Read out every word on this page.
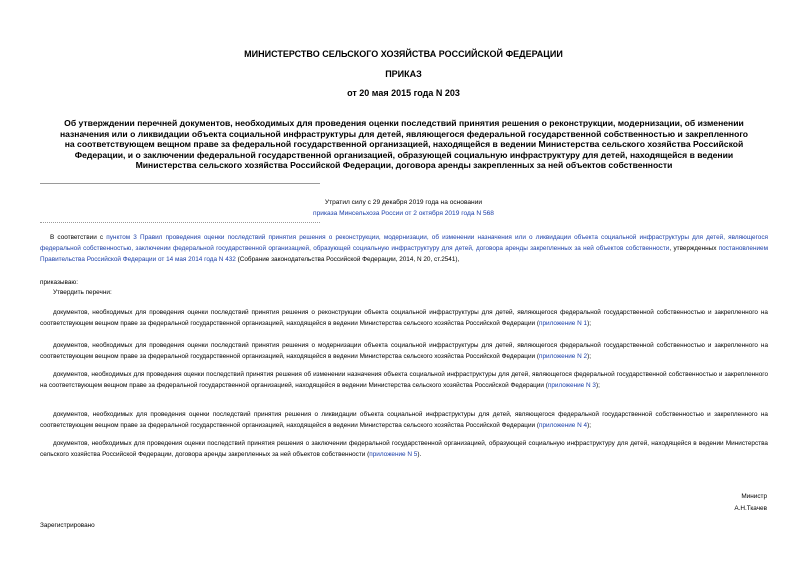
МИНИСТЕРСТВО СЕЛЬСКОГО ХОЗЯЙСТВА РОССИЙСКОЙ ФЕДЕРАЦИИ
ПРИКАЗ
от 20 мая 2015 года N 203
Об утверждении перечней документов, необходимых для проведения оценки последствий принятия решения о реконструкции, модернизации, об изменении назначения или о ликвидации объекта социальной инфраструктуры для детей, являющегося федеральной государственной собственностью и закрепленного на соответствующем вещном праве за федеральной государственной организацией, находящейся в ведении Министерства сельского хозяйства Российской Федерации, и о заключении федеральной государственной организацией, образующей социальную инфраструктуру для детей, находящейся в ведении Министерства сельского хозяйства Российской Федерации, договора аренды закрепленных за ней объектов собственности
Утратил силу с 29 декабря 2019 года на основании
приказа Минсельхоза России от 2 октября 2019 года N 568
В соответствии с пунктом 3 Правил проведения оценки последствий принятия решения о реконструкции, модернизации, об изменении назначения или о ликвидации объекта социальной инфраструктуры для детей, являющегося федеральной собственностью, заключении федеральной государственной организацией, образующей социальную инфраструктуру для детей, договора аренды закрепленных за ней объектов собственности, утвержденных постановлением Правительства Российской Федерации от 14 мая 2014 года N 432 (Собрание законодательства Российской Федерации, 2014, N 20, ст.2541),
приказываю:
Утвердить перечни:
документов, необходимых для проведения оценки последствий принятия решения о реконструкции объекта социальной инфраструктуры для детей, являющегося федеральной государственной собственностью и закрепленного на соответствующем вещном праве за федеральной государственной организацией, находящейся в ведении Министерства сельского хозяйства Российской Федерации (приложение N 1);
документов, необходимых для проведения оценки последствий принятия решения о модернизации объекта социальной инфраструктуры для детей, являющегося федеральной государственной собственностью и закрепленного на соответствующем вещном праве за федеральной государственной организацией, находящейся в ведении Министерства сельского хозяйства Российской Федерации (приложение N 2);
документов, необходимых для проведения оценки последствий принятия решения об изменении назначения объекта социальной инфраструктуры для детей, являющегося федеральной государственной собственностью и закрепленного на соответствующем вещном праве за федеральной государственной организацией, находящейся в ведении Министерства сельского хозяйства Российской Федерации (приложение N 3);
документов, необходимых для проведения оценки последствий принятия решения о ликвидации объекта социальной инфраструктуры для детей, являющегося федеральной государственной собственностью и закрепленного на соответствующем вещном праве за федеральной государственной организацией, находящейся в ведении Министерства сельского хозяйства Российской Федерации (приложение N 4);
документов, необходимых для проведения оценки последствий принятия решения о заключении федеральной государственной организацией, образующей социальную инфраструктуру для детей, находящейся в ведении Министерства сельского хозяйства Российской Федерации, договора аренды закрепленных за ней объектов собственности (приложение N 5).
Министр
А.Н.Ткачев
Зарегистрировано
